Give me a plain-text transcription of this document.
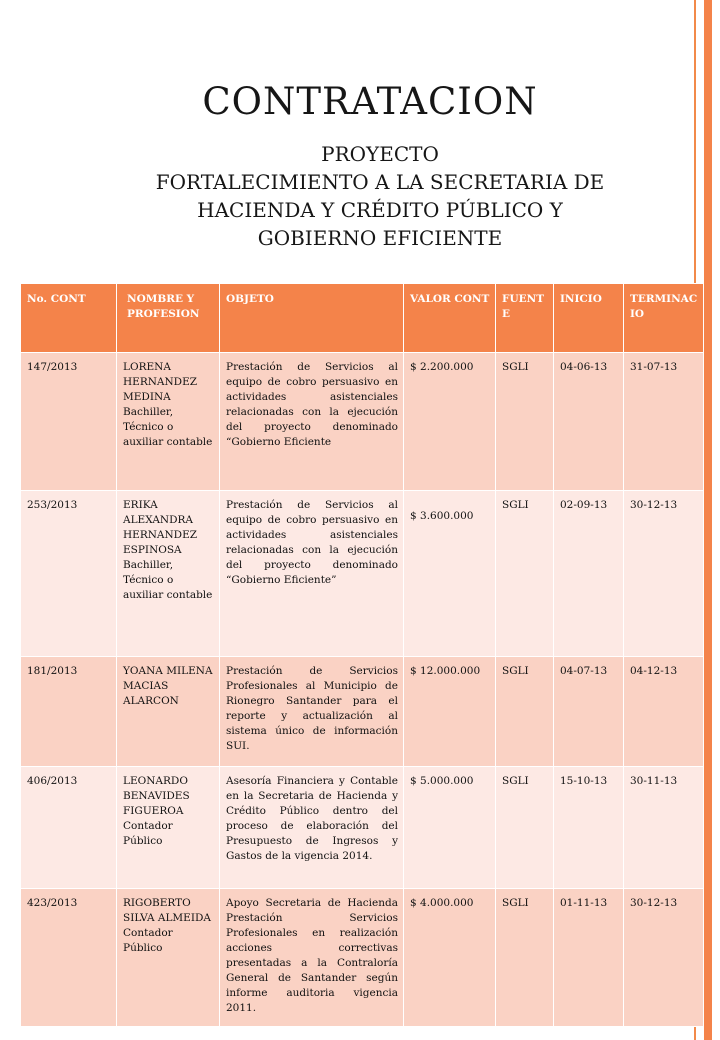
CONTRATACION
PROYECTO
FORTALECIMIENTO A LA SECRETARIA DE
HACIENDA Y CRÉDITO PÚBLICO Y
GOBIERNO EFICIENTE
No. CONT	NOMBRE Y PROFESION	OBJETO	VALOR CONT	FUENTE	INICIO	TERMINACIO
147/2013	LORENA HERNANDEZ MEDINA Bachiller, Técnico o auxiliar contable	Prestación de Servicios al equipo de cobro persuasivo en actividades asistenciales relacionadas con la ejecución del proyecto denominado “Gobierno Eficiente	$ 2.200.000	SGLI	04-06-13	31-07-13
253/2013	ERIKA ALEXANDRA HERNANDEZ ESPINOSA Bachiller, Técnico o auxiliar contable	Prestación de Servicios al equipo de cobro persuasivo en actividades asistenciales relacionadas con la ejecución del proyecto denominado “Gobierno Eficiente”	$ 3.600.000	SGLI	02-09-13	30-12-13
181/2013	YOANA MILENA MACIAS ALARCON	Prestación de Servicios Profesionales al Municipio de Rionegro Santander para el reporte y actualización al sistema único de información SUI.	$ 12.000.000	SGLI	04-07-13	04-12-13
406/2013	LEONARDO BENAVIDES FIGUEROA Contador Público	Asesoría Financiera y Contable en la Secretaria de Hacienda y Crédito Público dentro del proceso de elaboración del Presupuesto de Ingresos y Gastos de la vigencia 2014.	$ 5.000.000	SGLI	15-10-13	30-11-13
423/2013	RIGOBERTO SILVA ALMEIDA Contador Público	Apoyo Secretaria de Hacienda Prestación Servicios Profesionales en realización acciones correctivas presentadas a la Contraloría General de Santander según informe auditoria vigencia 2011.	$ 4.000.000	SGLI	01-11-13	30-12-13
